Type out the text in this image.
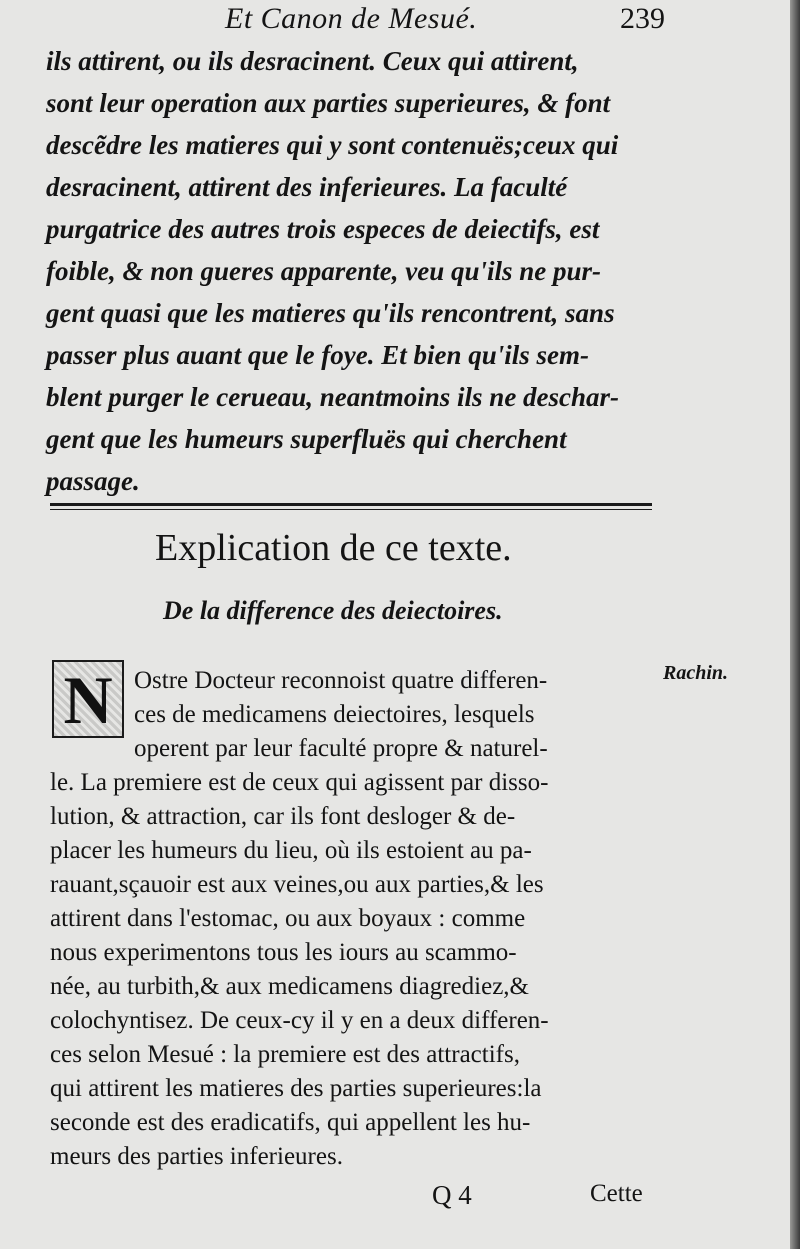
Et Canon de Mesué.	239
ils attirent, ou ils desracinent. Ceux qui attirent,
sont leur operation aux parties superieures, & font
descẽdre les matieres qui y sont contenuës;ceux qui
desracinent, attirent des inferieures. La faculté
purgatrice des autres trois especes de deiectifs, est
foible, & non gueres apparente, veu qu'ils ne pur-
gent quasi que les matieres qu'ils rencontrent, sans
passer plus auant que le foye. Et bien qu'ils sem-
blent purger le cerueau, neantmoins ils ne deschar-
gent que les humeurs superfluës qui cherchent
passage.
Explication de ce texte.
De la difference des deiectoires.
N	Rachin.
Ostre Docteur reconnoist quatre differen-
ces de medicamens deiectoires, lesquels
operent par leur faculté propre & naturel-
le. La premiere est de ceux qui agissent par disso-
lution, & attraction, car ils font desloger & de-
placer les humeurs du lieu, où ils estoient au pa-
rauant,sçauoir est aux veines,ou aux parties,& les
attirent dans l'estomac, ou aux boyaux : comme
nous experimentons tous les iours au scammo-
née, au turbith,& aux medicamens diagrediez,&
colochyntisez. De ceux-cy il y en a deux differen-
ces selon Mesué : la premiere est des attractifs,
qui attirent les matieres des parties superieures:la
seconde est des eradicatifs, qui appellent les hu-
meurs des parties inferieures.
Q 4	Cette
